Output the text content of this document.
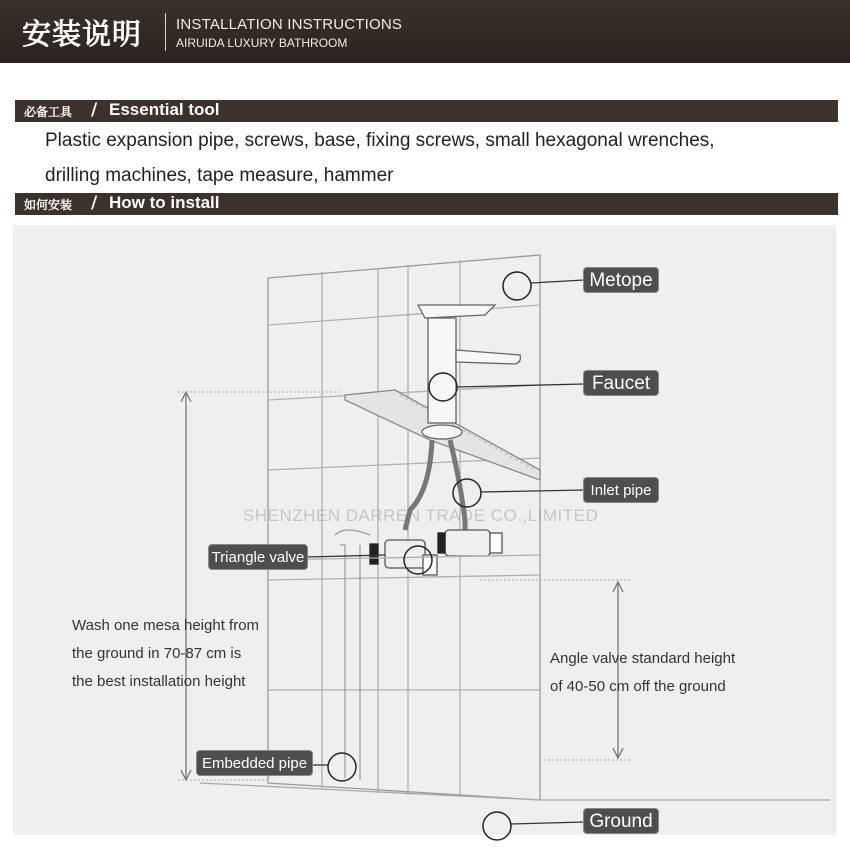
安装说明 INSTALLATION INSTRUCTIONS
AIRUIDA LUXURY BATHROOM
必备工具 / Essential tool
Plastic expansion pipe, screws, base, fixing screws, small hexagonal wrenches,
drilling machines, tape measure, hammer
如何安装 / How to install
SHENZHEN DARREN TRADE CO.,LIMITED
Metope
Faucet
Inlet pipe
Triangle valve
Embedded pipe
Ground
Wash one mesa height from
the ground in 70-87 cm is
the best installation height
Angle valve standard height
of 40-50 cm off the ground
